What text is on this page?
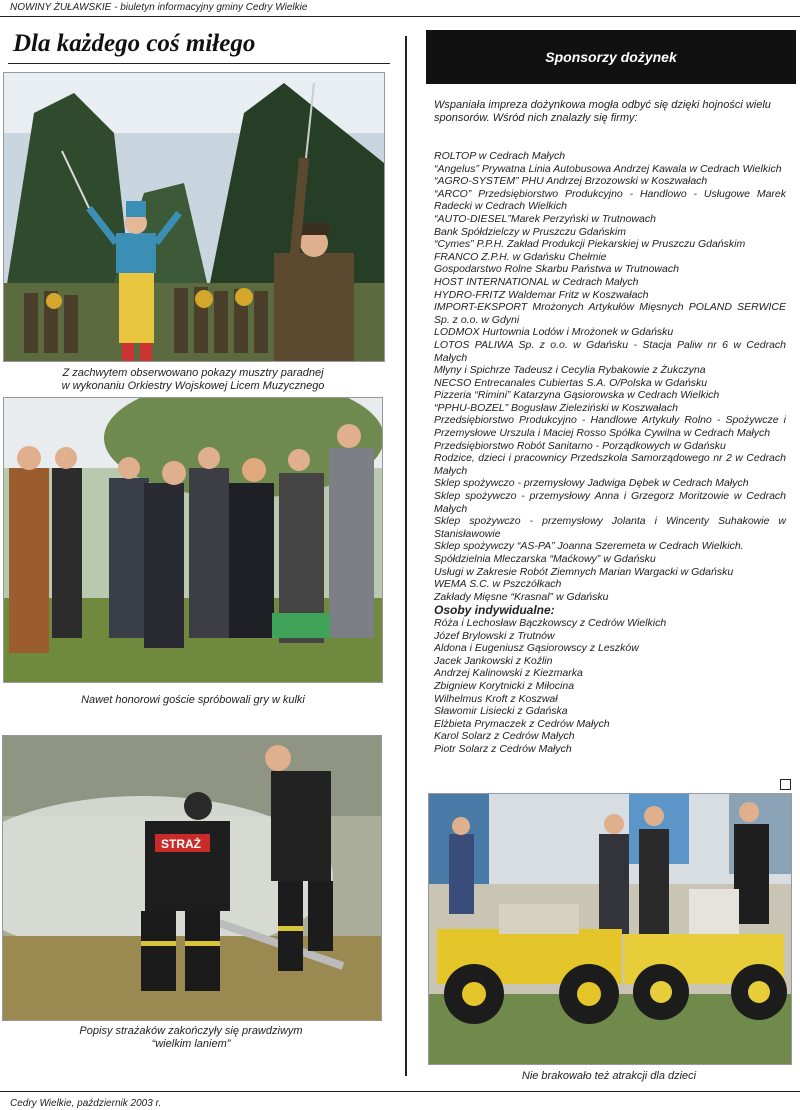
NOWINY ŻUŁAWSKIE - biuletyn informacyjny gminy Cedry Wielkie
Dla każdego coś miłego
Z zachwytem obserwowano pokazy musztry paradnej
w wykonaniu Orkiestry Wojskowej Licem Muzycznego
Nawet honorowi goście spróbowali gry w kulki
STRAŻ
Popisy strażaków zakończyły się prawdziwym
“wielkim laniem”
Sponsorzy dożynek
Wspaniała impreza dożynkowa mogła odbyć się dzięki hojności wielu sponsorów. Wśród nich znalazły się firmy:
ROLTOP w Cedrach Małych
“Angelus” Prywatna Linia Autobusowa Andrzej Kawala w Cedrach Wielkich
“AGRO-SYSTEM” PHU Andrzej Brzozowski w Koszwałach
“ARCO” Przedsiębiorstwo Produkcyjno - Handlowo - Usługowe Marek Radecki w Cedrach Wielkich
“AUTO-DIESEL”Marek Perzyński w Trutnowach
Bank Spółdzielczy w Pruszczu Gdańskim
“Cymes” P.P.H. Zakład Produkcji Piekarskiej w Pruszczu Gdańskim
FRANCO Z.P.H. w Gdańsku Chełmie
Gospodarstwo Rolne Skarbu Państwa w Trutnowach
HOST INTERNATIONAL w Cedrach Małych
HYDRO-FRITZ Waldemar Fritz w Koszwałach
IMPORT-EKSPORT Mrożonych Artykułów Mięsnych POLAND SERWICE Sp. z o.o. w Gdyni
LODMOX Hurtownia Lodów i Mrożonek w Gdańsku
LOTOS PALIWA Sp. z o.o. w Gdańsku - Stacja Paliw nr 6 w Cedrach Małych
Młyny i Spichrze Tadeusz i Cecylia Rybakowie z Żukczyna
NECSO Entrecanales Cubiertas S.A. O/Polska w Gdańsku
Pizzeria “Rimini” Katarzyna Gąsiorowska w Cedrach Wielkich
“PPHU-BOZEL” Bogusław Zieleziński w Koszwałach
Przedsiębiorstwo Produkcyjno - Handlowe Artykuły Rolno - Spożywcze i Przemysłowe Urszula i Maciej Rosso Spółka Cywilna w Cedrach Małych
Przedsiębiorstwo Robót Sanitarno - Porządkowych w Gdańsku
Rodzice, dzieci i pracownicy Przedszkola Samorządowego nr 2 w Cedrach Małych
Sklep spożywczo - przemysłowy Jadwiga Dębek w Cedrach Małych
Sklep spożywczo - przemysłowy Anna i Grzegorz Moritzowie w Cedrach Małych
Sklep spożywczo - przemysłowy Jolanta i Wincenty Suhakowie w Stanisławowie
Sklep spożywczy “AS-PA” Joanna Szeremeta w Cedrach Wielkich.
Spółdzielnia Mleczarska “Maćkowy” w Gdańsku
Usługi w Zakresie Robót Ziemnych Marian Wargacki w Gdańsku
WEMA S.C. w Pszczółkach
Zakłady Mięsne “Krasnal” w Gdańsku
Osoby indywidualne:
Róża i Lechosław Bączkowscy z Cedrów Wielkich
Józef Brylowski z Trutnów
Aldona i Eugeniusz Gąsiorowscy z Leszków
Jacek Jankowski z Koźlin
Andrzej Kalinowski z Kiezmarka
Zbigniew Korytnicki z Miłocina
Wilhelmus Kroft z Koszwał
Sławomir Lisiecki z Gdańska
Elżbieta Prymaczek z Cedrów Małych
Karol Solarz z Cedrów Małych
Piotr Solarz z Cedrów Małych
Nie brakowało też atrakcji dla dzieci
Cedry Wielkie, październik 2003 r.
